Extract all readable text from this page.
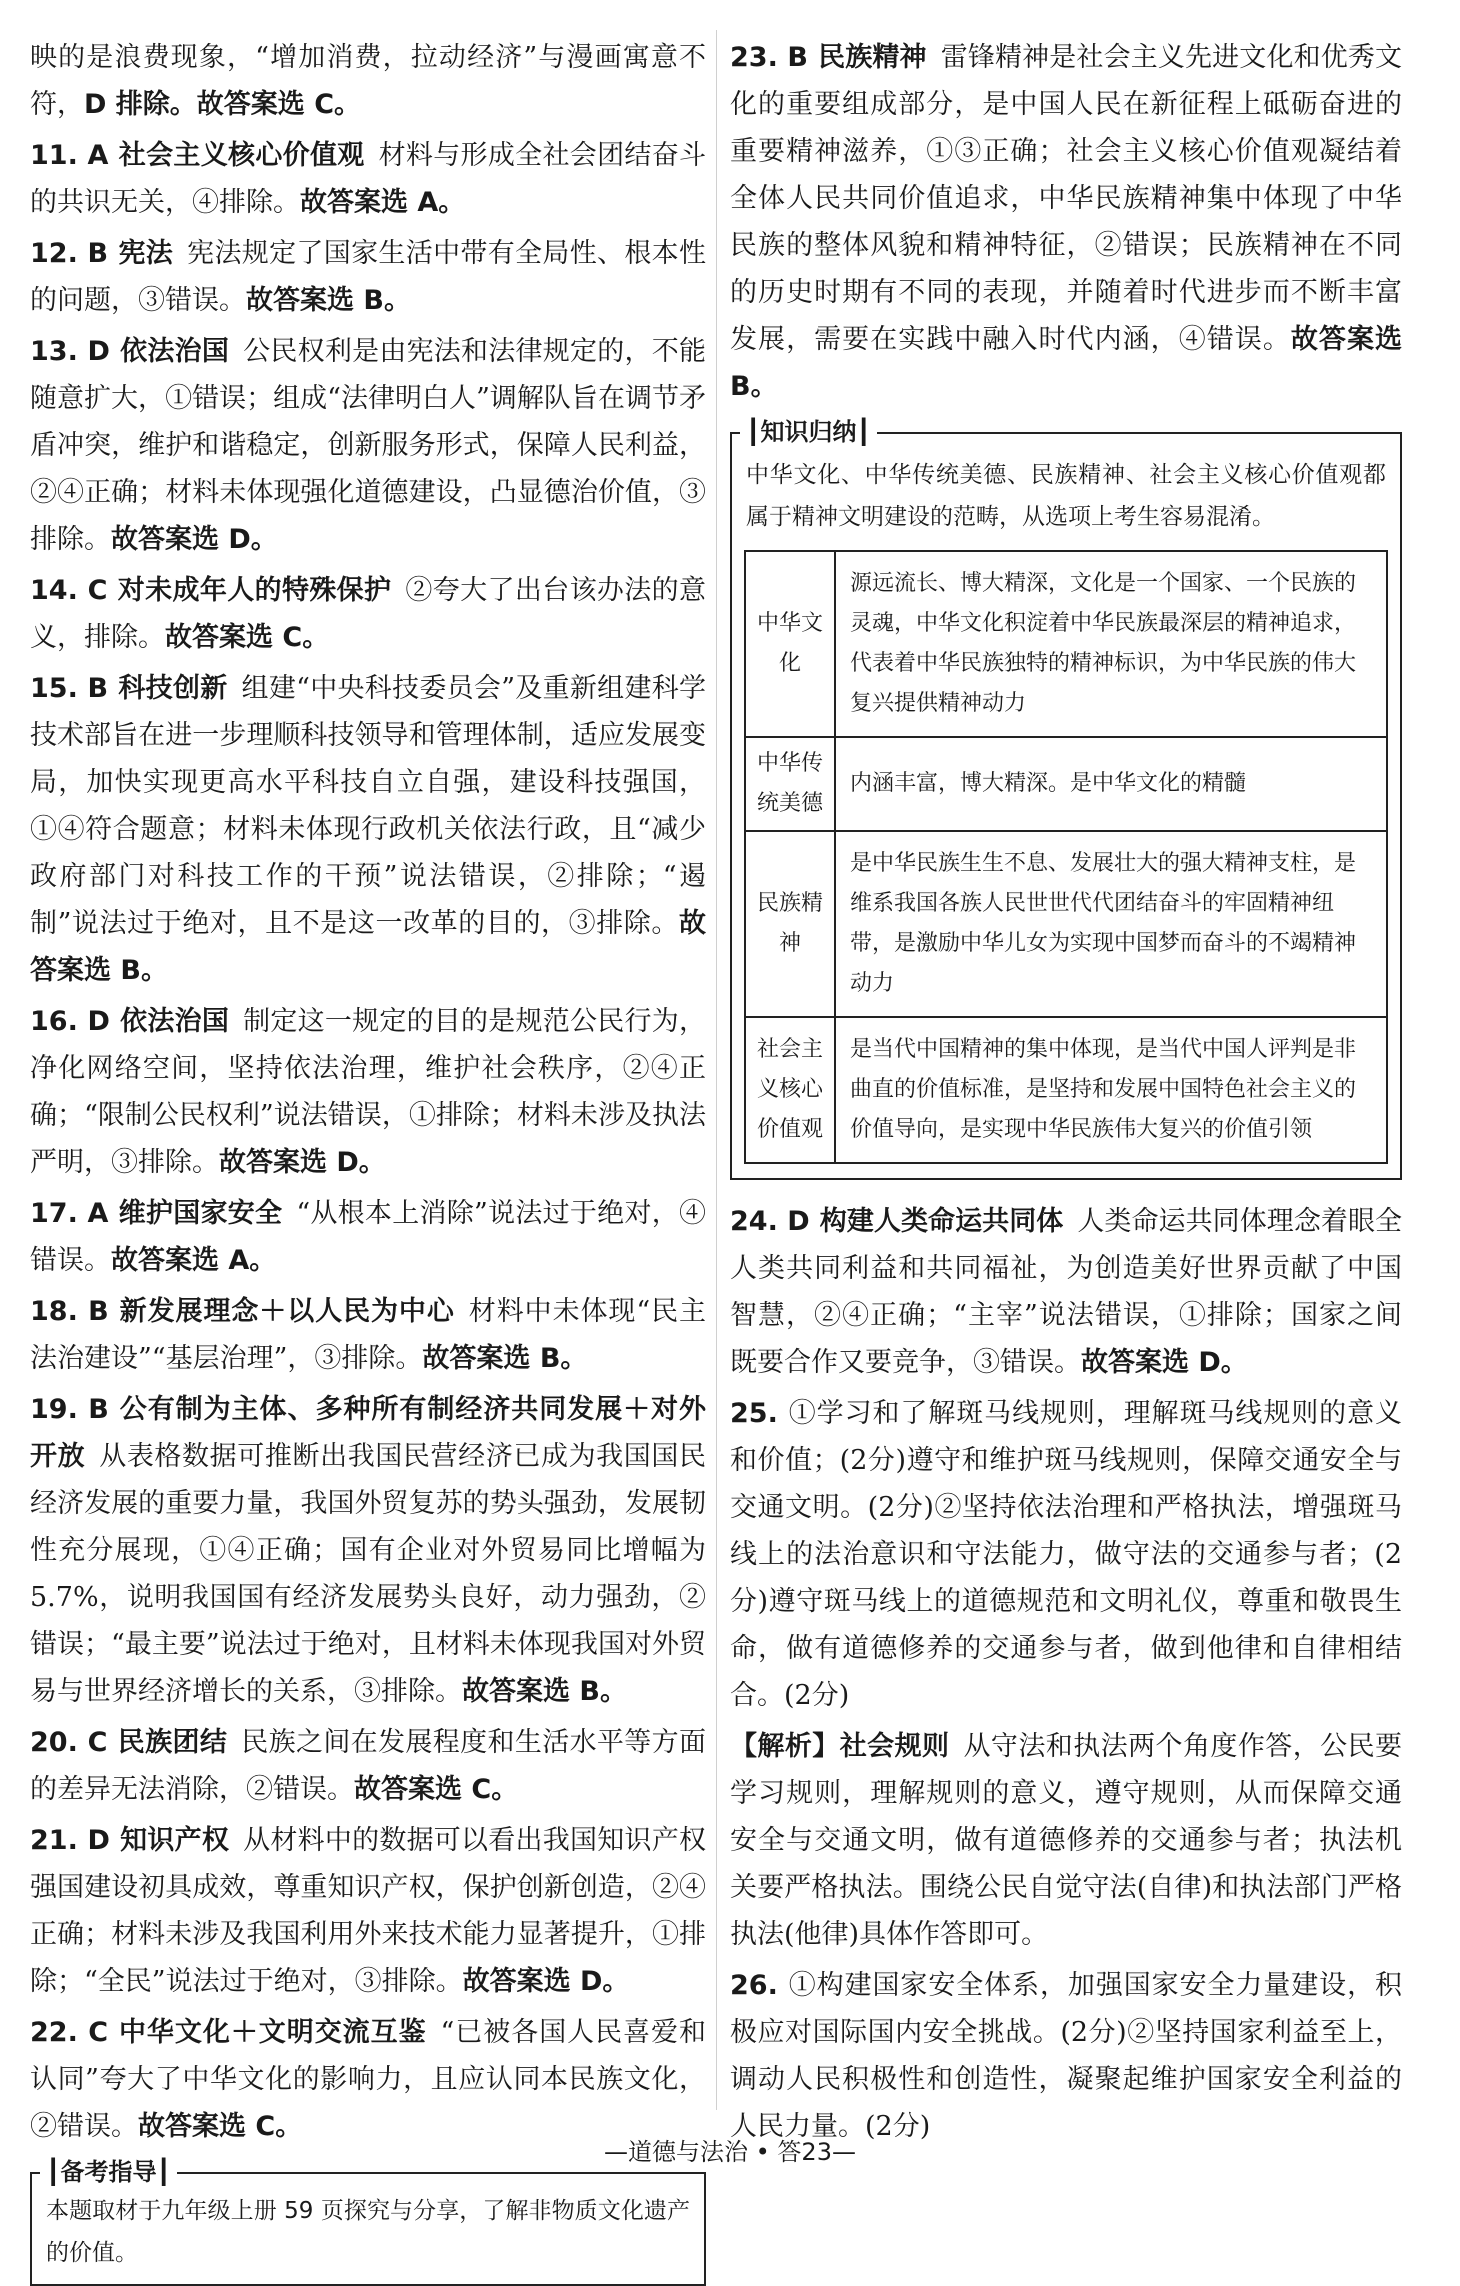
映的是浪费现象，“增加消费，拉动经济”与漫画寓意不符，D 排除。故答案选 C。
11. A 社会主义核心价值观 材料与形成全社会团结奋斗的共识无关，④排除。故答案选 A。
12. B 宪法 宪法规定了国家生活中带有全局性、根本性的问题，③错误。故答案选 B。
13. D 依法治国 公民权利是由宪法和法律规定的，不能随意扩大，①错误；组成“法律明白人”调解队旨在调节矛盾冲突，维护和谐稳定，创新服务形式，保障人民利益，②④正确；材料未体现强化道德建设，凸显德治价值，③排除。故答案选 D。
14. C 对未成年人的特殊保护 ②夸大了出台该办法的意义，排除。故答案选 C。
15. B 科技创新 组建“中央科技委员会”及重新组建科学技术部旨在进一步理顺科技领导和管理体制，适应发展变局，加快实现更高水平科技自立自强，建设科技强国，①④符合题意；材料未体现行政机关依法行政，且“减少政府部门对科技工作的干预”说法错误，②排除；“遏制”说法过于绝对，且不是这一改革的目的，③排除。故答案选 B。
16. D 依法治国 制定这一规定的目的是规范公民行为，净化网络空间，坚持依法治理，维护社会秩序，②④正确；“限制公民权利”说法错误，①排除；材料未涉及执法严明，③排除。故答案选 D。
17. A 维护国家安全 “从根本上消除”说法过于绝对，④错误。故答案选 A。
18. B 新发展理念＋以人民为中心 材料中未体现“民主法治建设”“基层治理”，③排除。故答案选 B。
19. B 公有制为主体、多种所有制经济共同发展＋对外开放 从表格数据可推断出我国民营经济已成为我国国民经济发展的重要力量，我国外贸复苏的势头强劲，发展韧性充分展现，①④正确；国有企业对外贸易同比增幅为 5.7%，说明我国国有经济发展势头良好，动力强劲，②错误；“最主要”说法过于绝对，且材料未体现我国对外贸易与世界经济增长的关系，③排除。故答案选 B。
20. C 民族团结 民族之间在发展程度和生活水平等方面的差异无法消除，②错误。故答案选 C。
21. D 知识产权 从材料中的数据可以看出我国知识产权强国建设初具成效，尊重知识产权，保护创新创造，②④正确；材料未涉及我国利用外来技术能力显著提升，①排除；“全民”说法过于绝对，③排除。故答案选 D。
22. C 中华文化＋文明交流互鉴 “已被各国人民喜爱和认同”夸大了中华文化的影响力，且应认同本民族文化，②错误。故答案选 C。
┃ 备考指导 ┃
本题取材于九年级上册 59 页探究与分享，了解非物质文化遗产的价值。
23. B 民族精神 雷锋精神是社会主义先进文化和优秀文化的重要组成部分，是中国人民在新征程上砥砺奋进的重要精神滋养，①③正确；社会主义核心价值观凝结着全体人民共同价值追求，中华民族精神集中体现了中华民族的整体风貌和精神特征，②错误；民族精神在不同的历史时期有不同的表现，并随着时代进步而不断丰富发展，需要在实践中融入时代内涵，④错误。故答案选 B。
┃ 知识归纳 ┃
中华文化、中华传统美德、民族精神、社会主义核心价值观都属于精神文明建设的范畴，从选项上考生容易混淆。
中华文化	源远流长、博大精深，文化是一个国家、一个民族的灵魂，中华文化积淀着中华民族最深层的精神追求，代表着中华民族独特的精神标识，为中华民族的伟大复兴提供精神动力
中华传统美德	内涵丰富，博大精深。是中华文化的精髓
民族精神	是中华民族生生不息、发展壮大的强大精神支柱，是维系我国各族人民世世代代团结奋斗的牢固精神纽带，是激励中华儿女为实现中国梦而奋斗的不竭精神动力
社会主义核心价值观	是当代中国精神的集中体现，是当代中国人评判是非曲直的价值标准，是坚持和发展中国特色社会主义的价值导向，是实现中华民族伟大复兴的价值引领
24. D 构建人类命运共同体 人类命运共同体理念着眼全人类共同利益和共同福祉，为创造美好世界贡献了中国智慧，②④正确；“主宰”说法错误，①排除；国家之间既要合作又要竞争，③错误。故答案选 D。
25. ①学习和了解斑马线规则，理解斑马线规则的意义和价值；(2分)遵守和维护斑马线规则，保障交通安全与交通文明。(2分)②坚持依法治理和严格执法，增强斑马线上的法治意识和守法能力，做守法的交通参与者；(2分)遵守斑马线上的道德规范和文明礼仪，尊重和敬畏生命，做有道德修养的交通参与者，做到他律和自律相结合。(2分)
【解析】社会规则 从守法和执法两个角度作答，公民要学习规则，理解规则的意义，遵守规则，从而保障交通安全与交通文明，做有道德修养的交通参与者；执法机关要严格执法。围绕公民自觉守法(自律)和执法部门严格执法(他律)具体作答即可。
26. ①构建国家安全体系，加强国家安全力量建设，积极应对国际国内安全挑战。(2分)②坚持国家利益至上，调动人民积极性和创造性，凝聚起维护国家安全利益的人民力量。(2分)
—道德与法治 • 答23—
